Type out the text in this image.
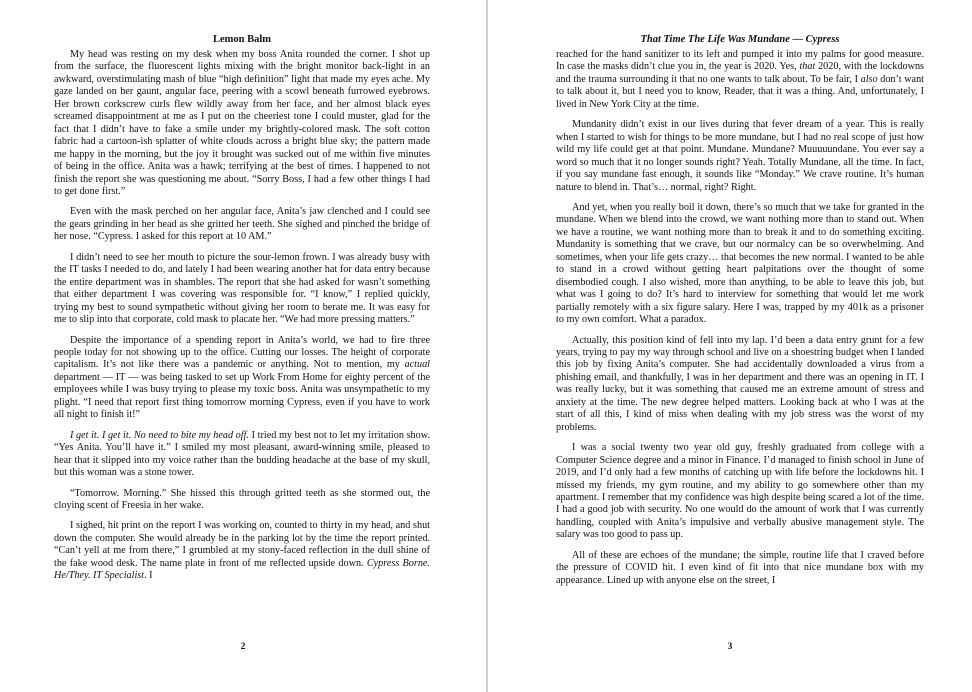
Lemon Balm

My head was resting on my desk when my boss Anita rounded the corner. I shot up from the surface, the fluorescent lights mixing with the bright monitor back-light in an awkward, overstimulating mash of blue “high definition” light that made my eyes ache. My gaze landed on her gaunt, angular face, peering with a scowl beneath furrowed eyebrows. Her brown corkscrew curls flew wildly away from her face, and her almost black eyes screamed disappointment at me as I put on the cheeriest tone I could muster, glad for the fact that I didn’t have to fake a smile under my brightly-colored mask. The soft cotton fabric had a cartoon-ish splatter of white clouds across a bright blue sky; the pattern made me happy in the morning, but the joy it brought was sucked out of me within five minutes of being in the office. Anita was a hawk; terrifying at the best of times. I happened to not finish the report she was questioning me about. “Sorry Boss, I had a few other things I had to get done first.”

Even with the mask perched on her angular face, Anita’s jaw clenched and I could see the gears grinding in her head as she gritted her teeth. She sighed and pinched the bridge of her nose. “Cypress. I asked for this report at 10 AM.”

I didn’t need to see her mouth to picture the sour-lemon frown. I was already busy with the IT tasks I needed to do, and lately I had been wearing another hat for data entry because the entire department was in shambles. The report that she had asked for wasn’t something that either department I was covering was responsible for. “I know,” I replied quickly, trying my best to sound sympathetic without giving her room to berate me. It was easy for me to slip into that corporate, cold mask to placate her. “We had more pressing matters.”

Despite the importance of a spending report in Anita’s world, we had to fire three people today for not showing up to the office. Cutting our losses. The height of corporate capitalism. It’s not like there was a pandemic or anything. Not to mention, my actual department — IT — was being tasked to set up Work From Home for eighty percent of the employees while I was busy trying to please my toxic boss. Anita was unsympathetic to my plight. “I need that report first thing tomorrow morning Cypress, even if you have to work all night to finish it!”

I get it. I get it. No need to bite my head off. I tried my best not to let my irritation show. “Yes Anita. You’ll have it.” I smiled my most pleasant, award-winning smile, pleased to hear that it slipped into my voice rather than the budding headache at the base of my skull, but this woman was a stone tower.

“Tomorrow. Morning.” She hissed this through gritted teeth as she stormed out, the cloying scent of Freesia in her wake.

I sighed, hit print on the report I was working on, counted to thirty in my head, and shut down the computer. She would already be in the parking lot by the time the report printed. “Can’t yell at me from there,” I grumbled at my stony-faced reflection in the dull shine of the fake wood desk. The name plate in front of me reflected upside down. Cypress Borne. He/They. IT Specialist. I

2
That Time The Life Was Mundane — Cypress

reached for the hand sanitizer to its left and pumped it into my palms for good measure. In case the masks didn’t clue you in, the year is 2020. Yes, that 2020, with the lockdowns and the trauma surrounding it that no one wants to talk about. To be fair, I also don’t want to talk about it, but I need you to know, Reader, that it was a thing. And, unfortunately, I lived in New York City at the time.

Mundanity didn’t exist in our lives during that fever dream of a year. This is really when I started to wish for things to be more mundane, but I had no real scope of just how wild my life could get at that point. Mundane. Mundane? Muuuuundane. You ever say a word so much that it no longer sounds right? Yeah. Totally Mundane, all the time. In fact, if you say mundane fast enough, it sounds like “Monday.” We crave routine. It’s human nature to blend in. That’s… normal, right? Right.

And yet, when you really boil it down, there’s so much that we take for granted in the mundane. When we blend into the crowd, we want nothing more than to stand out. When we have a routine, we want nothing more than to break it and to do something exciting. Mundanity is something that we crave, but our normalcy can be so overwhelming. And sometimes, when your life gets crazy… that becomes the new normal. I wanted to be able to stand in a crowd without getting heart palpitations over the thought of some disembodied cough. I also wished, more than anything, to be able to leave this job, but what was I going to do? It’s hard to interview for something that would let me work partially remotely with a six figure salary. Here I was, trapped by my 401k as a prisoner to my own comfort. What a paradox.

Actually, this position kind of fell into my lap. I’d been a data entry grunt for a few years, trying to pay my way through school and live on a shoestring budget when I landed this job by fixing Anita’s computer. She had accidentally downloaded a virus from a phishing email, and thankfully, I was in her department and there was an opening in IT. I was really lucky, but it was something that caused me an extreme amount of stress and anxiety at the time. The new degree helped matters. Looking back at who I was at the start of all this, I kind of miss when dealing with my job stress was the worst of my problems.

I was a social twenty two year old guy, freshly graduated from college with a Computer Science degree and a minor in Finance. I’d managed to finish school in June of 2019, and I’d only had a few months of catching up with life before the lockdowns hit. I missed my friends, my gym routine, and my ability to go somewhere other than my apartment. I remember that my confidence was high despite being scared a lot of the time. I had a good job with security. No one would do the amount of work that I was currently handling, coupled with Anita’s impulsive and verbally abusive management style. The salary was too good to pass up.

All of these are echoes of the mundane; the simple, routine life that I craved before the pressure of COVID hit. I even kind of fit into that nice mundane box with my appearance. Lined up with anyone else on the street, I

3
